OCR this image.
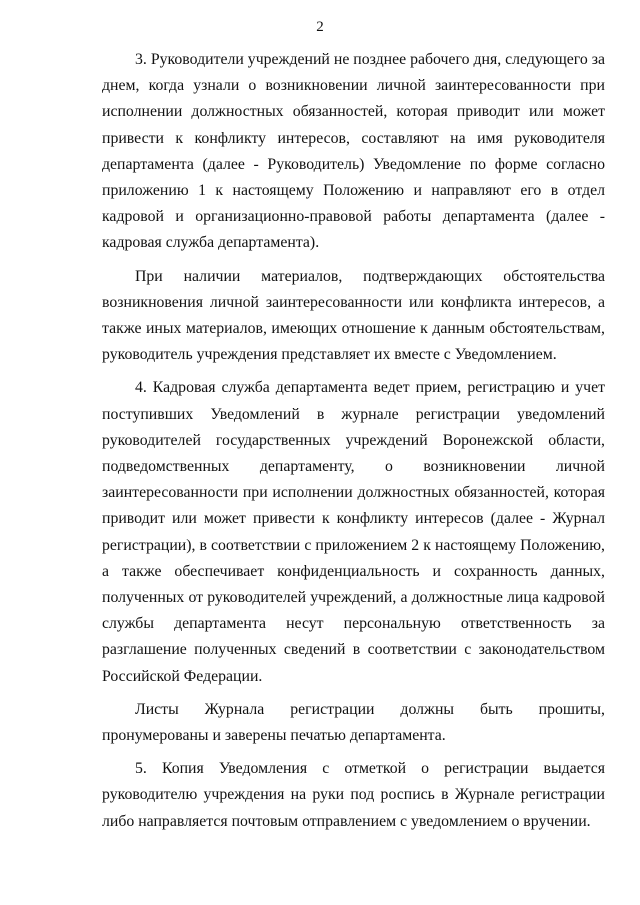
2

3. Руководители учреждений не позднее рабочего дня, следующего за днем, когда узнали о возникновении личной заинтересованности при исполнении должностных обязанностей, которая приводит или может привести к конфликту интересов, составляют на имя руководителя департамента (далее - Руководитель) Уведомление по форме согласно приложению 1 к настоящему Положению и направляют его в отдел кадровой и организационно-правовой работы департамента (далее - кадровая служба департамента).

При наличии материалов, подтверждающих обстоятельства возникновения личной заинтересованности или конфликта интересов, а также иных материалов, имеющих отношение к данным обстоятельствам, руководитель учреждения представляет их вместе с Уведомлением.

4. Кадровая служба департамента ведет прием, регистрацию и учет поступивших Уведомлений в журнале регистрации уведомлений руководителей государственных учреждений Воронежской области, подведомственных департаменту, о возникновении личной заинтересованности при исполнении должностных обязанностей, которая приводит или может привести к конфликту интересов (далее - Журнал регистрации), в соответствии с приложением 2 к настоящему Положению, а также обеспечивает конфиденциальность и сохранность данных, полученных от руководителей учреждений, а должностные лица кадровой службы департамента несут персональную ответственность за разглашение полученных сведений в соответствии с законодательством Российской Федерации.

Листы Журнала регистрации должны быть прошиты, пронумерованы и заверены печатью департамента.

5. Копия Уведомления с отметкой о регистрации выдается руководителю учреждения на руки под роспись в Журнале регистрации либо направляется почтовым отправлением с уведомлением о вручении.
